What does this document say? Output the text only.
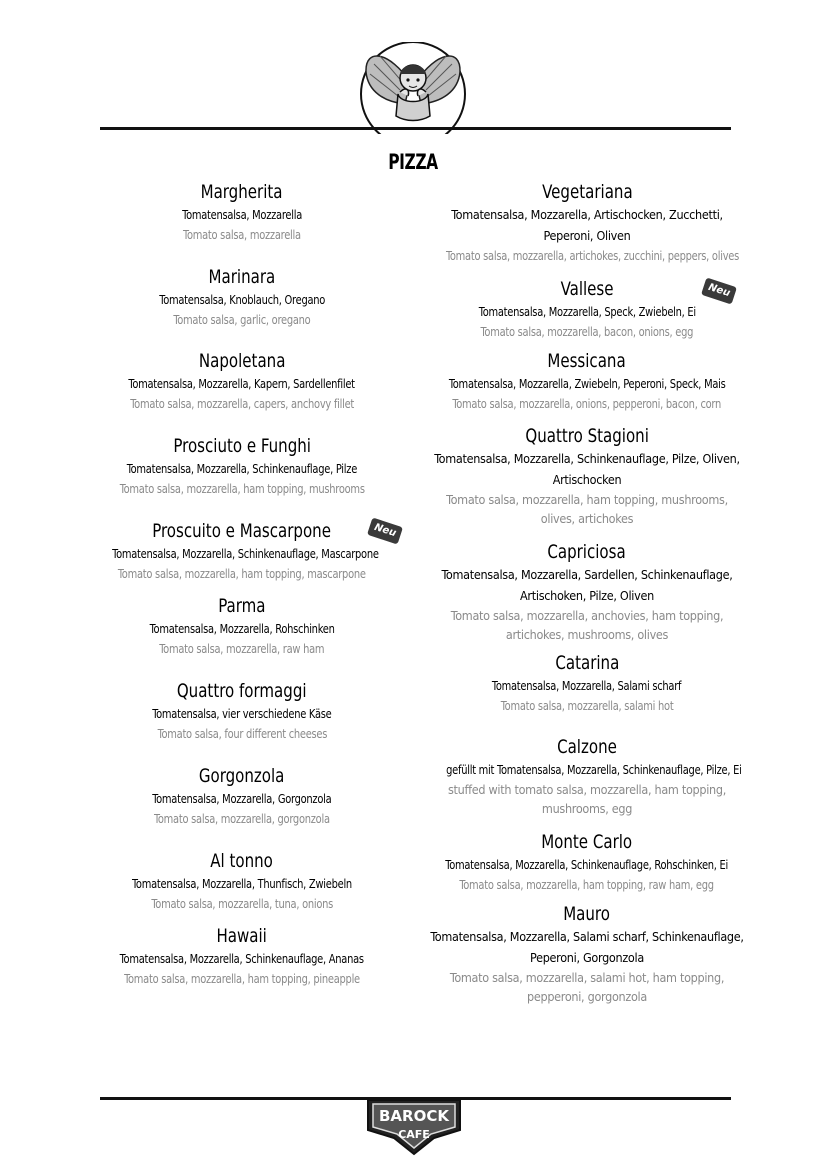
PIZZA
Margherita
Tomatensalsa, Mozzarella
Tomato salsa, mozzarella
Marinara
Tomatensalsa, Knoblauch, Oregano
Tomato salsa, garlic, oregano
Napoletana
Tomatensalsa, Mozzarella, Kapern, Sardellenfilet
Tomato salsa, mozzarella, capers, anchovy fillet
Prosciuto e Funghi
Tomatensalsa, Mozzarella, Schinkenauflage, Pilze
Tomato salsa, mozzarella, ham topping, mushrooms
Proscuito e Mascarpone
Tomatensalsa, Mozzarella, Schinkenauflage, Mascarpone
Tomato salsa, mozzarella, ham topping, mascarpone
Parma
Tomatensalsa, Mozzarella, Rohschinken
Tomato salsa, mozzarella, raw ham
Quattro formaggi
Tomatensalsa, vier verschiedene Käse
Tomato salsa, four different cheeses
Gorgonzola
Tomatensalsa, Mozzarella, Gorgonzola
Tomato salsa, mozzarella, gorgonzola
Al tonno
Tomatensalsa, Mozzarella, Thunfisch, Zwiebeln
Tomato salsa, mozzarella, tuna, onions
Hawaii
Tomatensalsa, Mozzarella, Schinkenauflage, Ananas
Tomato salsa, mozzarella, ham topping, pineapple
Vegetariana
Tomatensalsa, Mozzarella, Artischocken, Zucchetti, Peperoni, Oliven
Tomato salsa, mozzarella, artichokes, zucchini, peppers, olives
Vallese
Tomatensalsa, Mozzarella, Speck, Zwiebeln, Ei
Tomato salsa, mozzarella, bacon, onions, egg
Messicana
Tomatensalsa, Mozzarella, Zwiebeln, Peperoni, Speck, Mais
Tomato salsa, mozzarella, onions, pepperoni, bacon, corn
Quattro Stagioni
Tomatensalsa, Mozzarella, Schinkenauflage, Pilze, Oliven, Artischocken
Tomato salsa, mozzarella, ham topping, mushrooms, olives, artichokes
Capriciosa
Tomatensalsa, Mozzarella, Sardellen, Schinkenauflage, Artischoken, Pilze, Oliven
Tomato salsa, mozzarella, anchovies, ham topping, artichokes, mushrooms, olives
Catarina
Tomatensalsa, Mozzarella, Salami scharf
Tomato salsa, mozzarella, salami hot
Calzone
gefüllt mit Tomatensalsa, Mozzarella, Schinkenauflage, Pilze, Ei
stuffed with tomato salsa, mozzarella, ham topping, mushrooms, egg
Monte Carlo
Tomatensalsa, Mozzarella, Schinkenauflage, Rohschinken, Ei
Tomato salsa, mozzarella, ham topping, raw ham, egg
Mauro
Tomatensalsa, Mozzarella, Salami scharf, Schinkenauflage, Peperoni, Gorgonzola
Tomato salsa, mozzarella, salami hot, ham topping, pepperoni, gorgonzola
Neu
Neu
BAROCK
CAFE
